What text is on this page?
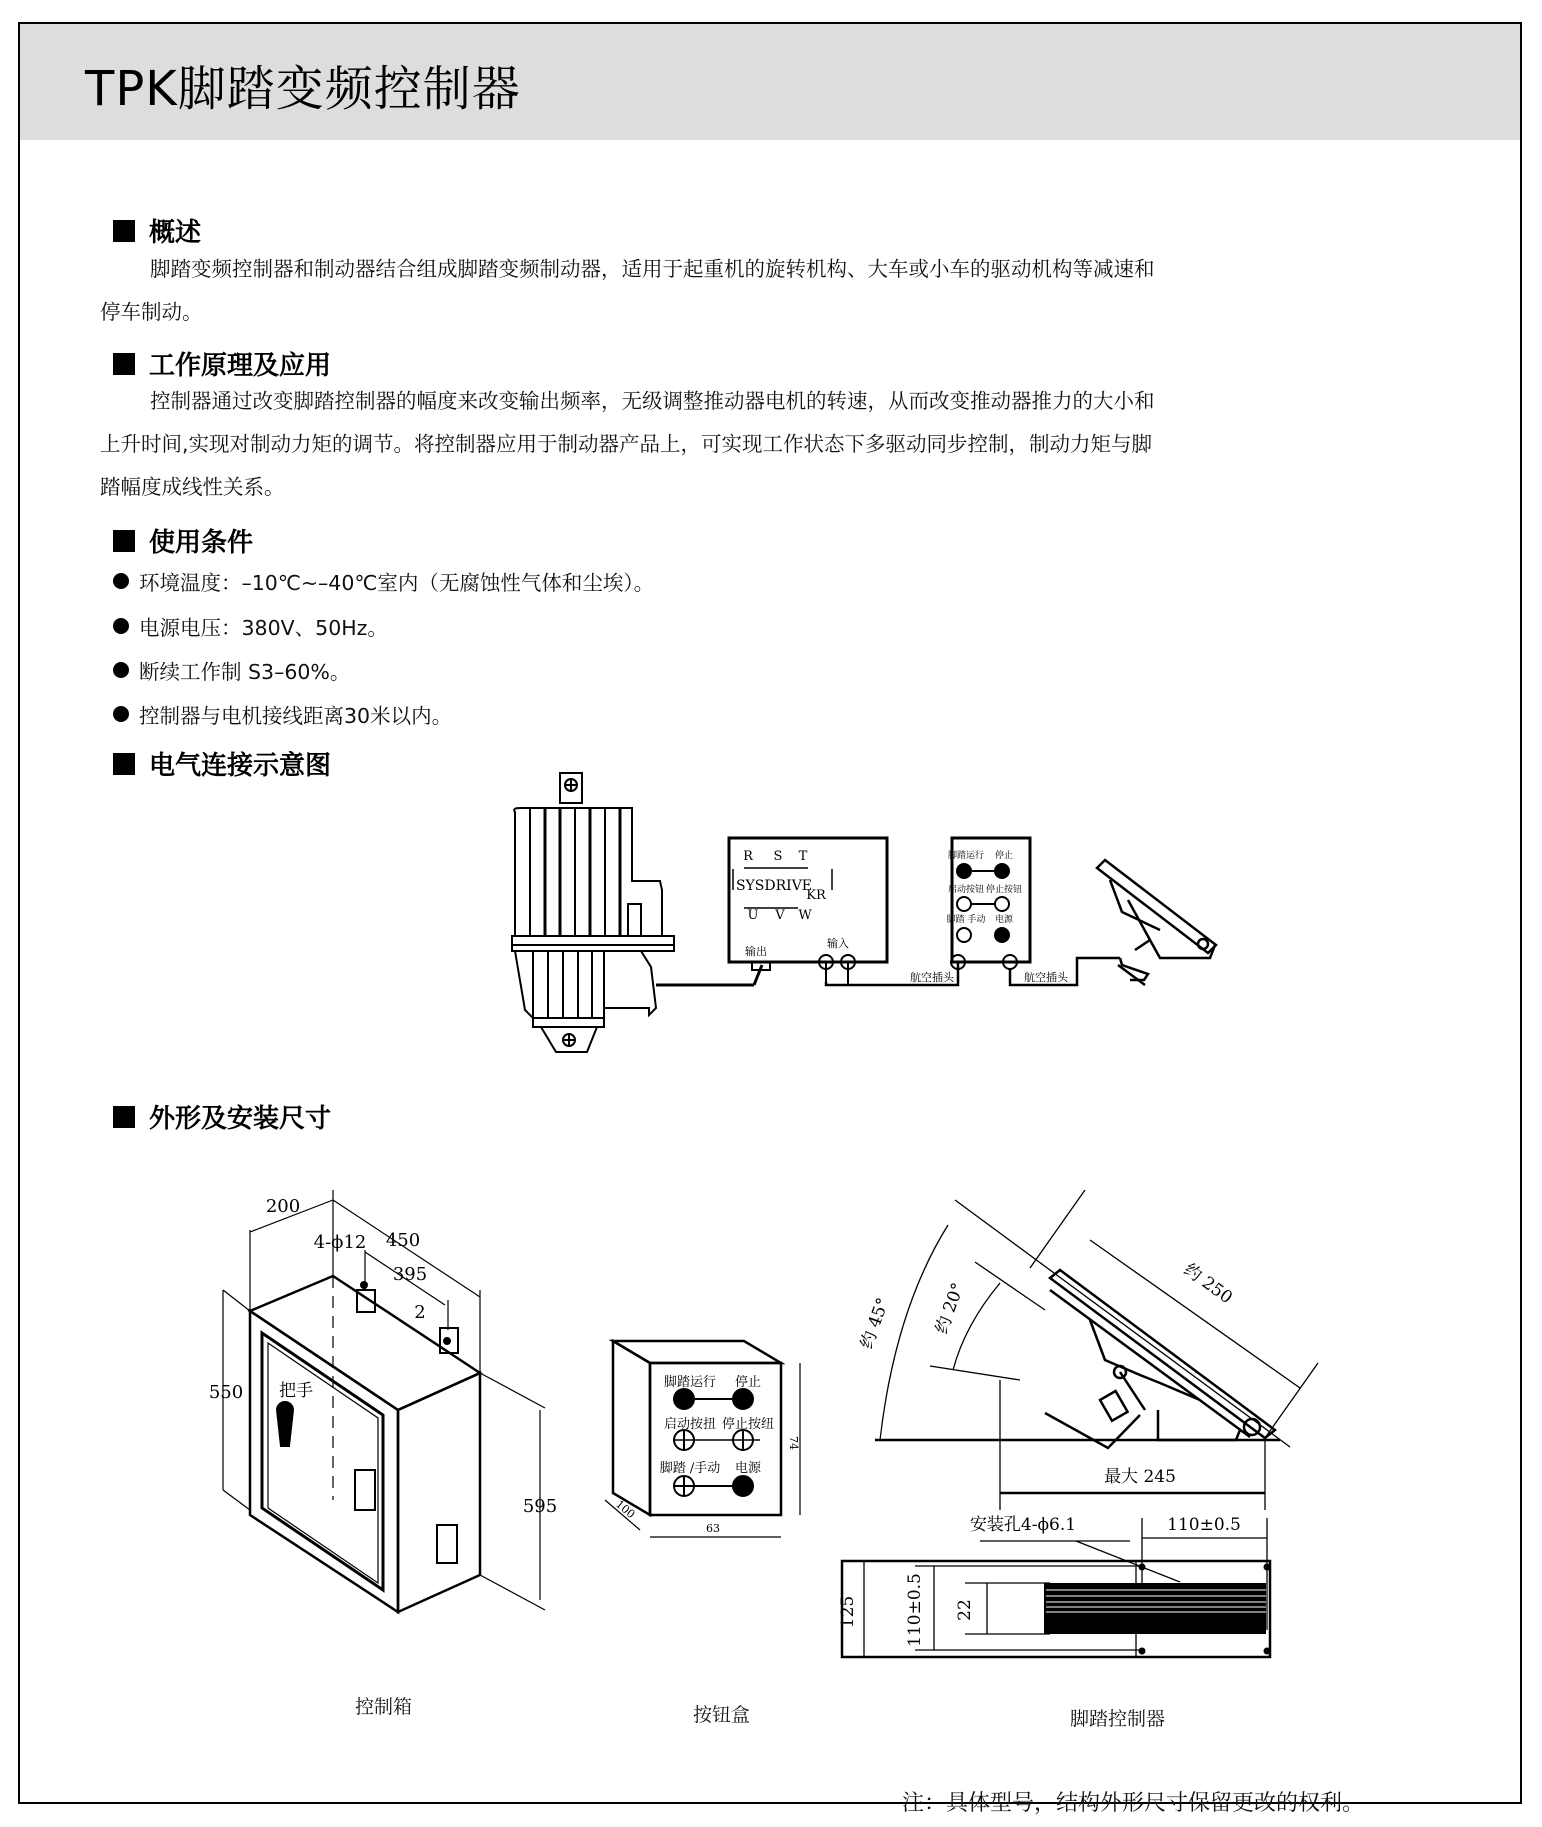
TPK脚踏变频控制器
概述
脚踏变频控制器和制动器结合组成脚踏变频制动器，适用于起重机的旋转机构、大车或小车的驱动机构等减速和
停车制动。
工作原理及应用
控制器通过改变脚踏控制器的幅度来改变输出频率，无级调整推动器电机的转速，从而改变推动器推力的大小和
上升时间,实现对制动力矩的调节。将控制器应用于制动器产品上，可实现工作状态下多驱动同步控制，制动力矩与脚
踏幅度成线性关系。
使用条件
环境温度：–10℃~–40℃室内（无腐蚀性气体和尘埃）。
电源电压：380V、50Hz。
断续工作制 S3–60%。
控制器与电机接线距离30米以内。
电气连接示意图
R S T
SYSDRIVE
KR
U V W
输出
输入
航空插头	航空插头
脚踏运行 停止
启动按钮 停止按钮
脚踏 手动 电源
外形及安装尺寸
200
450
4-ϕ12
395
2
550
595
把手
控制箱
脚踏运行 停止
启动按扭 停止按纽
脚踏 /手动 电源
63
74
100
按钮盒
约 250
约 45° 约 20°
最大 245
安装孔4-ϕ6.1	110±0.5
125	110±0.5 22
脚踏控制器
注：具体型号，结构外形尺寸保留更改的权利。
